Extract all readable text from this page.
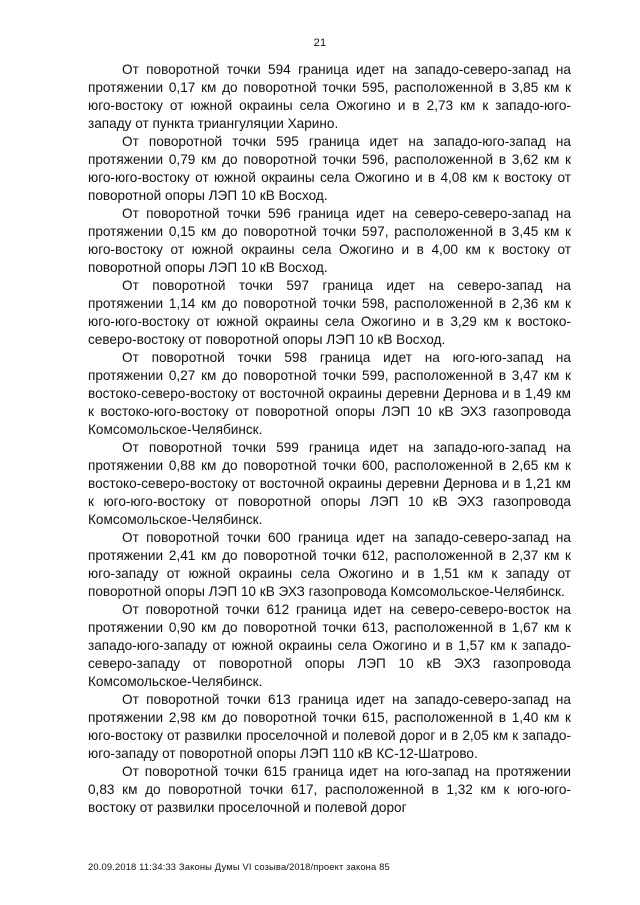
21

От поворотной точки 594 граница идет на западо-северо-запад на протяжении 0,17 км до поворотной точки 595, расположенной в 3,85 км к юго-востоку от южной окраины села Ожогино и в 2,73 км к западо-юго-западу от пункта триангуляции Харино.

От поворотной точки 595 граница идет на западо-юго-запад на протяжении 0,79 км до поворотной точки 596, расположенной в 3,62 км к юго-юго-востоку от южной окраины села Ожогино и в 4,08 км к востоку от поворотной опоры ЛЭП 10 кВ Восход.

От поворотной точки 596 граница идет на северо-северо-запад на протяжении 0,15 км до поворотной точки 597, расположенной в 3,45 км к юго-востоку от южной окраины села Ожогино и в 4,00 км к востоку от поворотной опоры ЛЭП 10 кВ Восход.

От поворотной точки 597 граница идет на северо-запад на протяжении 1,14 км до поворотной точки 598, расположенной в 2,36 км к юго-юго-востоку от южной окраины села Ожогино и в 3,29 км к востоко-северо-востоку от поворотной опоры ЛЭП 10 кВ Восход.

От поворотной точки 598 граница идет на юго-юго-запад на протяжении 0,27 км до поворотной точки 599, расположенной в 3,47 км к востоко-северо-востоку от восточной окраины деревни Дернова и в 1,49 км к востоко-юго-востоку от поворотной опоры ЛЭП 10 кВ ЭХЗ газопровода Комсомольское-Челябинск.

От поворотной точки 599 граница идет на западо-юго-запад на протяжении 0,88 км до поворотной точки 600, расположенной в 2,65 км к востоко-северо-востоку от восточной окраины деревни Дернова и в 1,21 км к юго-юго-востоку от поворотной опоры ЛЭП 10 кВ ЭХЗ газопровода Комсомольское-Челябинск.

От поворотной точки 600 граница идет на западо-северо-запад на протяжении 2,41 км до поворотной точки 612, расположенной в 2,37 км к юго-западу от южной окраины села Ожогино и в 1,51 км к западу от поворотной опоры ЛЭП 10 кВ ЭХЗ газопровода Комсомольское-Челябинск.

От поворотной точки 612 граница идет на северо-северо-восток на протяжении 0,90 км до поворотной точки 613, расположенной в 1,67 км к западо-юго-западу от южной окраины села Ожогино и в 1,57 км к западо-северо-западу от поворотной опоры ЛЭП 10 кВ ЭХЗ газопровода Комсомольское-Челябинск.

От поворотной точки 613 граница идет на западо-северо-запад на протяжении 2,98 км до поворотной точки 615, расположенной в 1,40 км к юго-востоку от развилки проселочной и полевой дорог и в 2,05 км к западо-юго-западу от поворотной опоры ЛЭП 110 кВ КС-12-Шатрово.

От поворотной точки 615 граница идет на юго-запад на протяжении 0,83 км до поворотной точки 617, расположенной в 1,32 км к юго-юго-востоку от развилки проселочной и полевой дорог

20.09.2018 11:34:33 Законы Думы VI созыва/2018/проект закона 85
